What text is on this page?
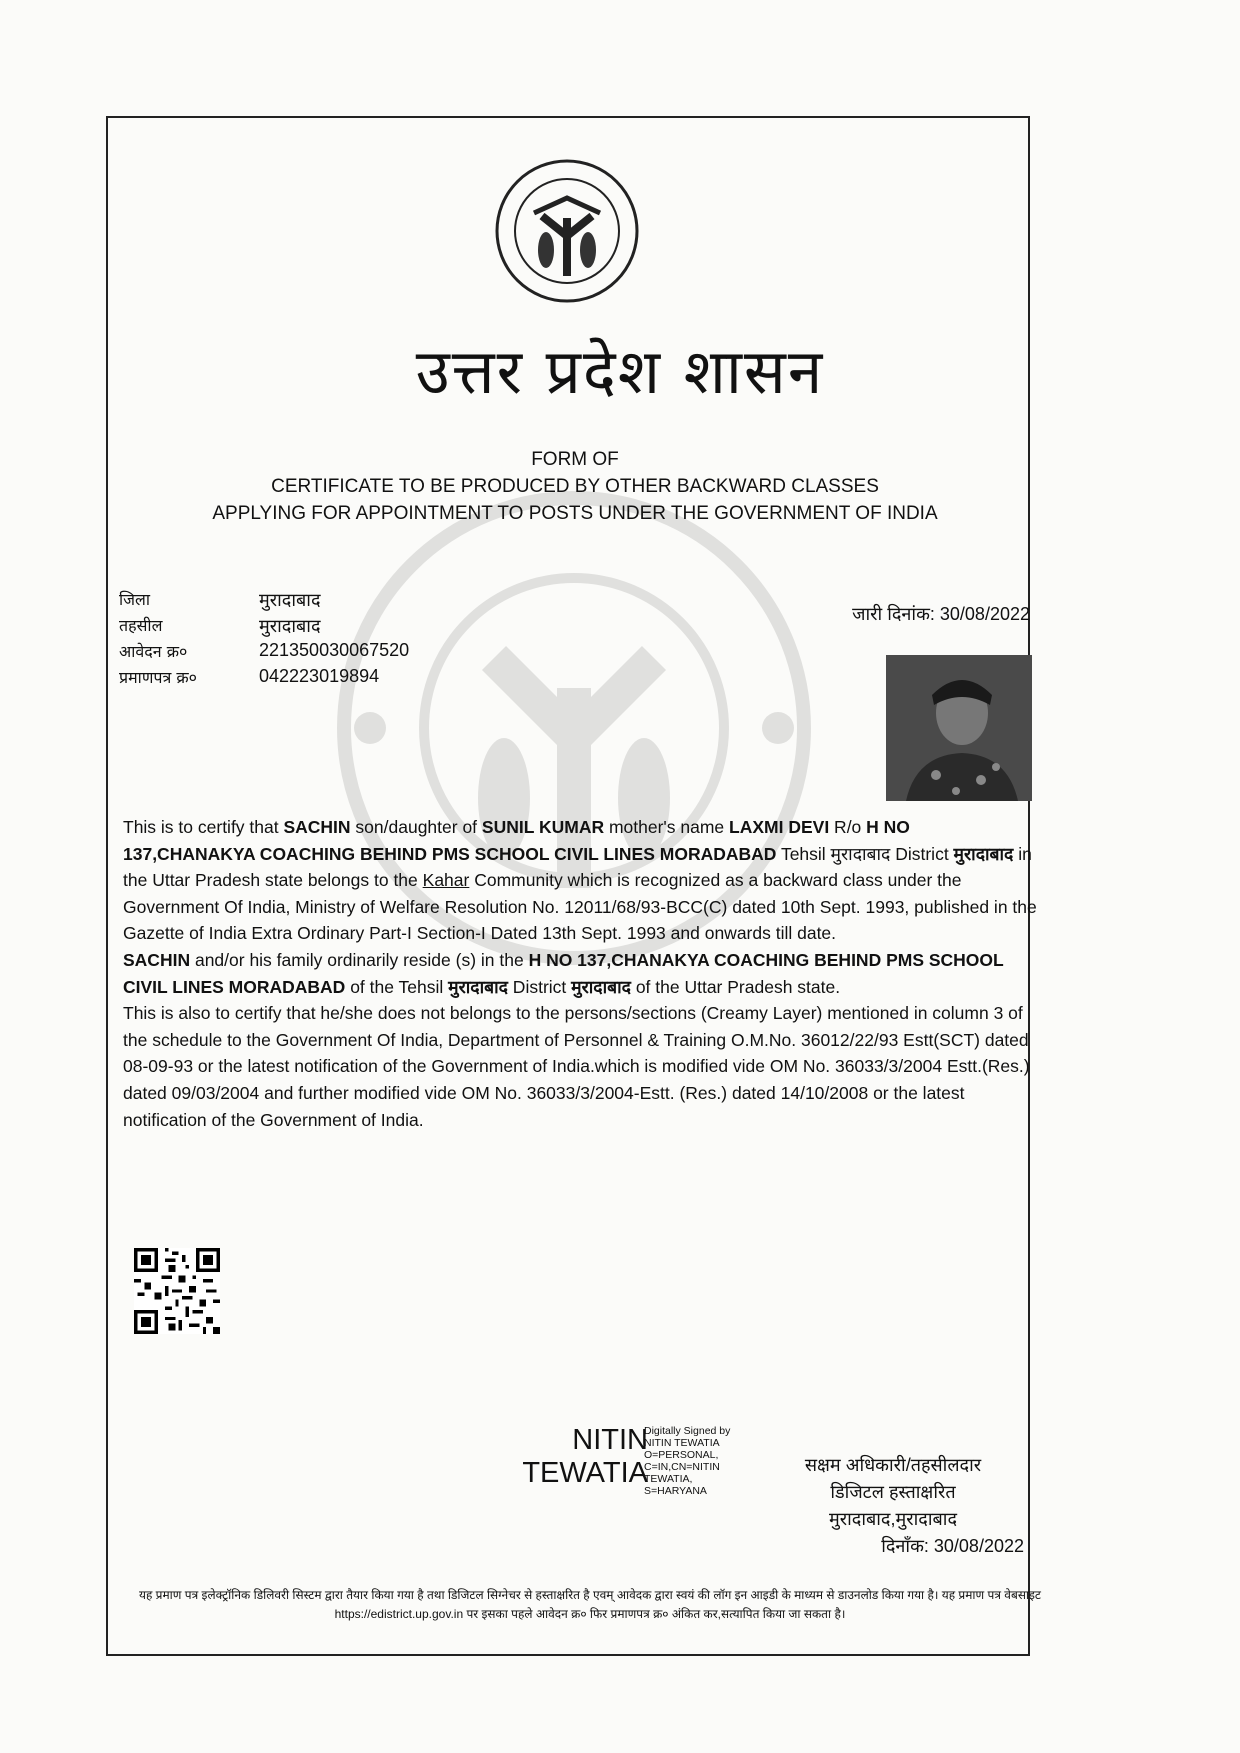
उत्तर प्रदेश शासन
FORM OF
CERTIFICATE TO BE PRODUCED BY OTHER BACKWARD CLASSES
APPLYING FOR APPOINTMENT TO POSTS UNDER THE GOVERNMENT OF INDIA
जिला	मुरादाबाद
तहसील	मुरादाबाद
आवेदन क्र०	221350030067520
प्रमाणपत्र क्र०	042223019894
जारी दिनांक: 30/08/2022

This is to certify that SACHIN son/daughter of SUNIL KUMAR mother's name LAXMI DEVI R/o H NO 137,CHANAKYA COACHING BEHIND PMS SCHOOL CIVIL LINES MORADABAD Tehsil मुरादाबाद District मुरादाबाद in the Uttar Pradesh state belongs to the Kahar Community which is recognized as a backward class under the Government Of India, Ministry of Welfare Resolution No. 12011/68/93-BCC(C) dated 10th Sept. 1993, published in the Gazette of India Extra Ordinary Part-I Section-I Dated 13th Sept. 1993 and onwards till date.

SACHIN and/or his family ordinarily reside (s) in the H NO 137,CHANAKYA COACHING BEHIND PMS SCHOOL CIVIL LINES MORADABAD of the Tehsil मुरादाबाद District मुरादाबाद of the Uttar Pradesh state.

This is also to certify that he/she does not belongs to the persons/sections (Creamy Layer) mentioned in column 3 of the schedule to the Government Of India, Department of Personnel & Training O.M.No. 36012/22/93 Estt(SCT) dated 08-09-93 or the latest notification of the Government of India.which is modified vide OM No. 36033/3/2004 Estt.(Res.) dated 09/03/2004 and further modified vide OM No. 36033/3/2004-Estt. (Res.) dated 14/10/2008 or the latest notification of the Government of India.

NITIN
TEWATIA
Digitally Signed by
NITIN TEWATIA
O=PERSONAL,
C=IN,CN=NITIN
TEWATIA,
S=HARYANA
सक्षम अधिकारी/तहसीलदार
डिजिटल हस्ताक्षरित
मुरादाबाद,मुरादाबाद
दिनाँक: 30/08/2022
यह प्रमाण पत्र इलेक्ट्रॉनिक डिलिवरी सिस्टम द्वारा तैयार किया गया है तथा डिजिटल सिग्नेचर से हस्ताक्षरित है एवम् आवेदक द्वारा स्वयं की लॉग इन आइडी के माध्यम से डाउनलोड किया गया है। यह प्रमाण पत्र वेबसाइट https://edistrict.up.gov.in पर इसका पहले आवेदन क्र० फिर प्रमाणपत्र क्र० अंकित कर,सत्यापित किया जा सकता है।
